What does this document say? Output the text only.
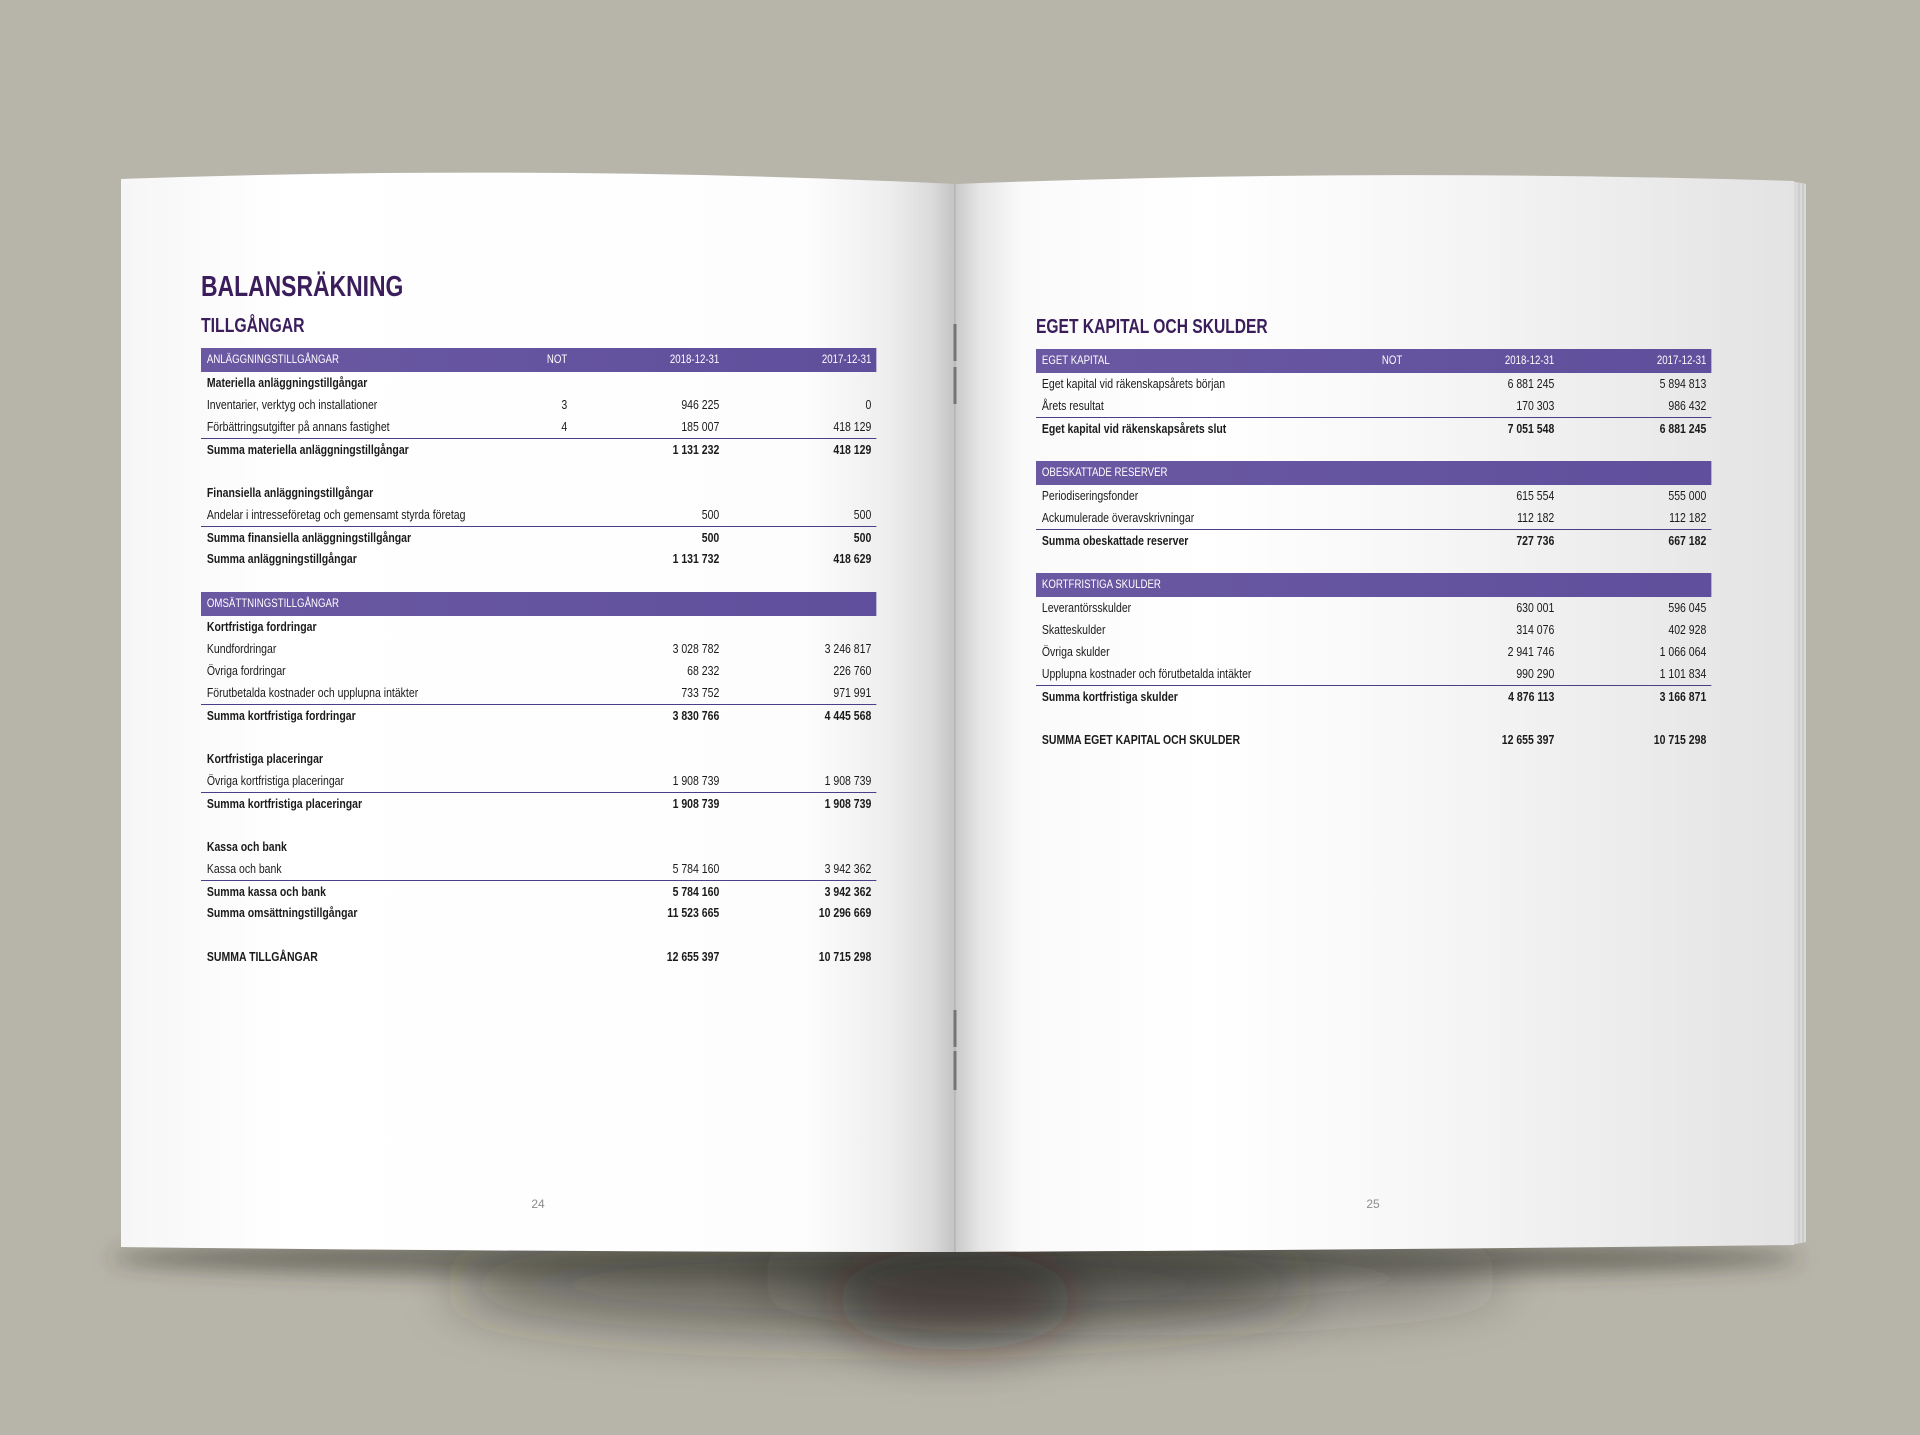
BALANSRÄKNING
TILLGÅNGAR
ANLÄGGNINGSTILLGÅNGAR	NOT	2018-12-31	2017-12-31
Materiella anläggningstillgångar
Inventarier, verktyg och installationer	3	946 225	0
Förbättringsutgifter på annans fastighet	4	185 007	418 129
Summa materiella anläggningstillgångar	1 131 232	418 129
Finansiella anläggningstillgångar
Andelar i intresseföretag och gemensamt styrda företag	500	500
Summa finansiella anläggningstillgångar	500	500
Summa anläggningstillgångar	1 131 732	418 629
OMSÄTTNINGSTILLGÅNGAR
Kortfristiga fordringar
Kundfordringar	3 028 782	3 246 817
Övriga fordringar	68 232	226 760
Förutbetalda kostnader och upplupna intäkter	733 752	971 991
Summa kortfristiga fordringar	3 830 766	4 445 568
Kortfristiga placeringar
Övriga kortfristiga placeringar	1 908 739	1 908 739
Summa kortfristiga placeringar	1 908 739	1 908 739
Kassa och bank
Kassa och bank	5 784 160	3 942 362
Summa kassa och bank	5 784 160	3 942 362
Summa omsättningstillgångar	11 523 665	10 296 669
SUMMA TILLGÅNGAR	12 655 397	10 715 298
24
EGET KAPITAL OCH SKULDER
EGET KAPITAL	NOT	2018-12-31	2017-12-31
Eget kapital vid räkenskapsårets början	6 881 245	5 894 813
Årets resultat	170 303	986 432
Eget kapital vid räkenskapsårets slut	7 051 548	6 881 245
OBESKATTADE RESERVER
Periodiseringsfonder	615 554	555 000
Ackumulerade överavskrivningar	112 182	112 182
Summa obeskattade reserver	727 736	667 182
KORTFRISTIGA SKULDER
Leverantörsskulder	630 001	596 045
Skatteskulder	314 076	402 928
Övriga skulder	2 941 746	1 066 064
Upplupna kostnader och förutbetalda intäkter	990 290	1 101 834
Summa kortfristiga skulder	4 876 113	3 166 871
SUMMA EGET KAPITAL OCH SKULDER	12 655 397	10 715 298
25
